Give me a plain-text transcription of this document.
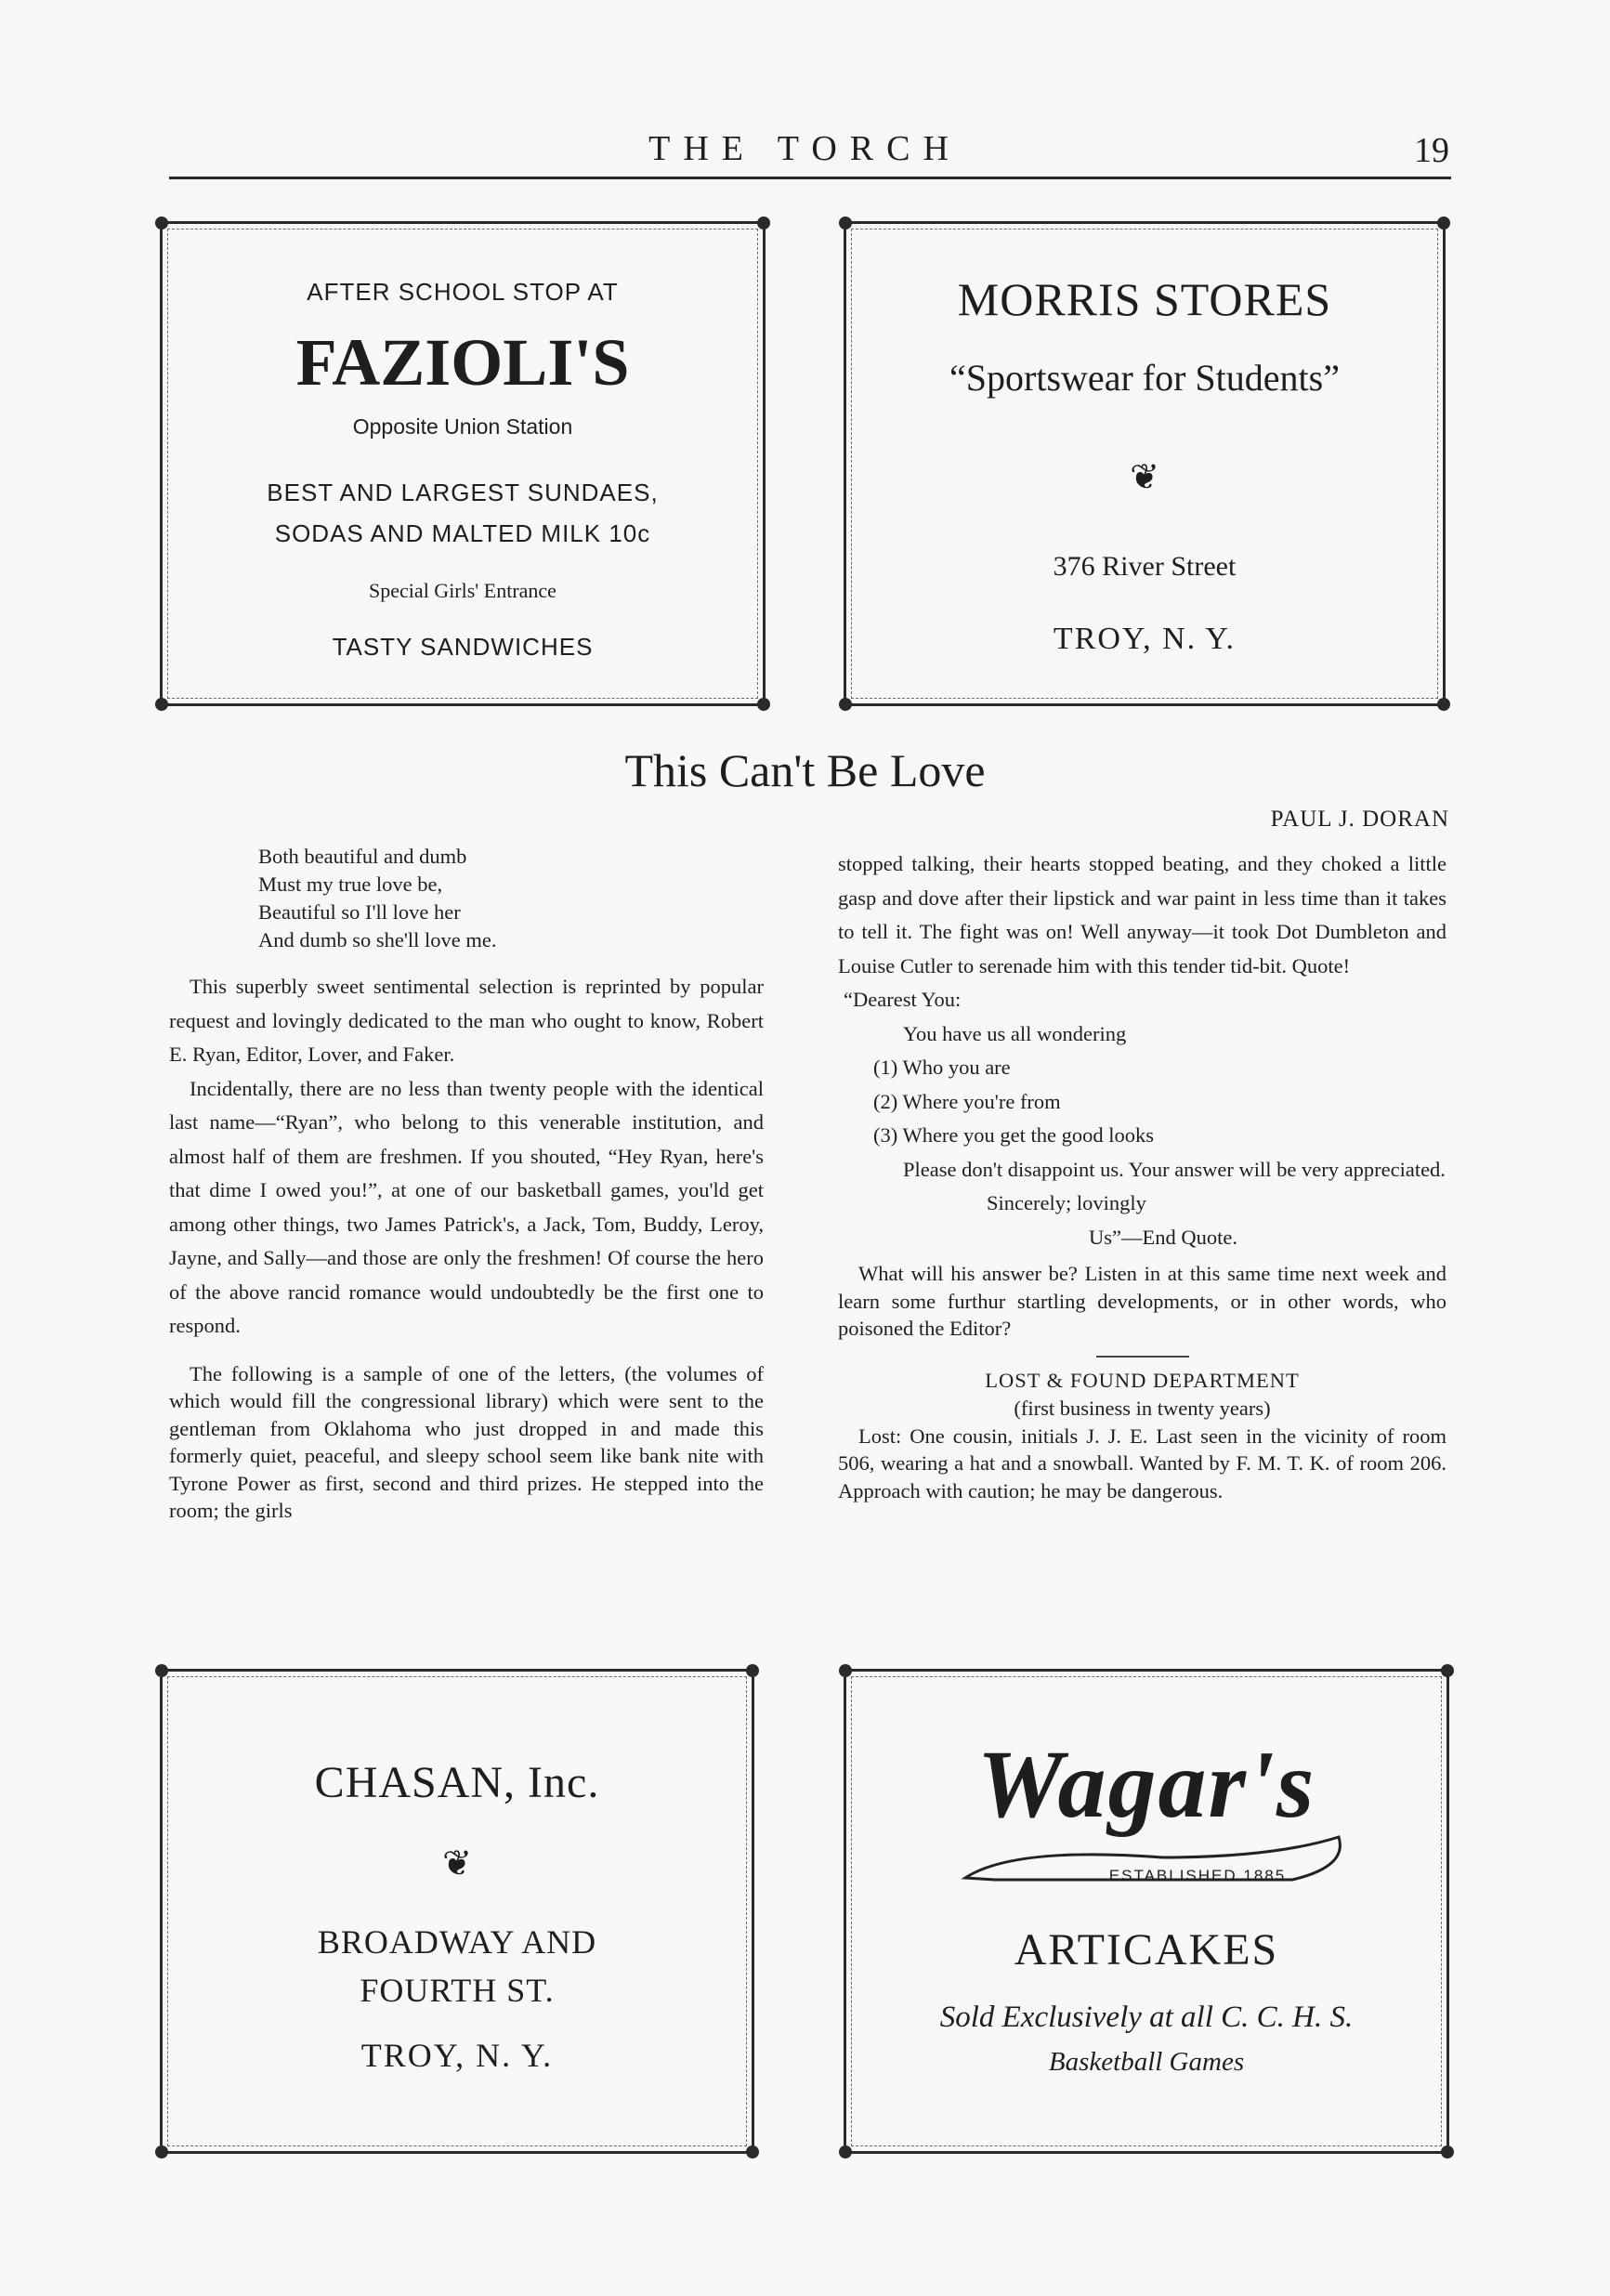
THE TORCH	19
AFTER SCHOOL STOP AT
FAZIOLI'S
Opposite Union Station
BEST AND LARGEST SUNDAES,
SODAS AND MALTED MILK 10c
Special Girls' Entrance
TASTY SANDWICHES
MORRIS STORES
“Sportswear for Students”
❦
376 River Street
TROY, N. Y.
This Can't Be Love
PAUL J. DORAN
Both beautiful and dumb
Must my true love be,
Beautiful so I'll love her
And dumb so she'll love me.

This superbly sweet sentimental selection is reprinted by popular request and lovingly dedicated to the man who ought to know, Robert E. Ryan, Editor, Lover, and Faker.

Incidentally, there are no less than twenty people with the identical last name—“Ryan”, who belong to this venerable institution, and almost half of them are freshmen. If you shouted, “Hey Ryan, here's that dime I owed you!”, at one of our basketball games, you'ld get among other things, two James Patrick's, a Jack, Tom, Buddy, Leroy, Jayne, and Sally—and those are only the freshmen! Of course the hero of the above rancid romance would undoubtedly be the first one to respond.

The following is a sample of one of the letters, (the volumes of which would fill the congressional library) which were sent to the gentleman from Oklahoma who just dropped in and made this formerly quiet, peaceful, and sleepy school seem like bank nite with Tyrone Power as first, second and third prizes. He stepped into the room; the girls

stopped talking, their hearts stopped beating, and they choked a little gasp and dove after their lipstick and war paint in less time than it takes to tell it. The fight was on! Well anyway—it took Dot Dumbleton and Louise Cutler to serenade him with this tender tid-bit. Quote!

“Dearest You:

You have us all wondering

(1) Who you are

(2) Where you're from

(3) Where you get the good looks

Please don't disappoint us. Your answer will be very appreciated.

Sincerely; lovingly

Us”—End Quote.

What will his answer be? Listen in at this same time next week and learn some furthur startling developments, or in other words, who poisoned the Editor?

LOST & FOUND DEPARTMENT

(first business in twenty years)

Lost: One cousin, initials J. J. E. Last seen in the vicinity of room 506, wearing a hat and a snowball. Wanted by F. M. T. K. of room 206. Approach with caution; he may be dangerous.

CHASAN, Inc.
❦
BROADWAY AND
FOURTH ST.
TROY, N. Y.
Wagar's
ESTABLISHED 1885
ARTICAKES
Sold Exclusively at all C. C. H. S.
Basketball Games
